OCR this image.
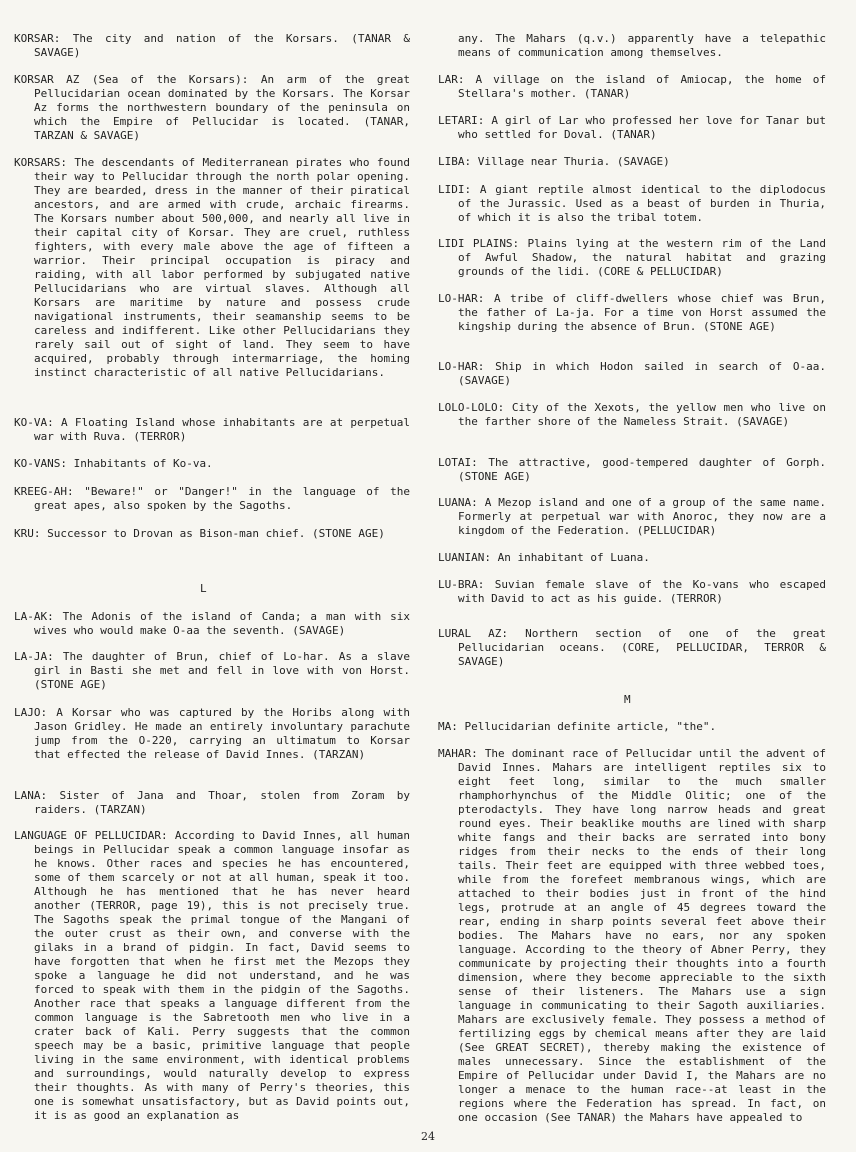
KORSAR: The city and nation of the Korsars. (TANAR & SAVAGE)

KORSAR AZ (Sea of the Korsars): An arm of the great Pellucidarian ocean dominated by the Korsars. The Korsar Az forms the northwestern boundary of the peninsula on which the Empire of Pellucidar is located. (TANAR, TARZAN & SAVAGE)

KORSARS: The descendants of Mediterranean pirates who found their way to Pellucidar through the north polar opening. They are bearded, dress in the manner of their piratical ancestors, and are armed with crude, archaic firearms. The Korsars number about 500,000, and nearly all live in their capital city of Korsar. They are cruel, ruthless fighters, with every male above the age of fifteen a warrior. Their principal occupation is piracy and raiding, with all labor performed by subjugated native Pellucidarians who are virtual slaves. Although all Korsars are maritime by nature and possess crude navigational instruments, their seamanship seems to be careless and indifferent. Like other Pellucidarians they rarely sail out of sight of land. They seem to have acquired, probably through intermarriage, the homing instinct characteristic of all native Pellucidarians.

KO-VA: A Floating Island whose inhabitants are at perpetual war with Ruva. (TERROR)

KO-VANS: Inhabitants of Ko-va.

KREEG-AH: "Beware!" or "Danger!" in the language of the great apes, also spoken by the Sagoths.

KRU: Successor to Drovan as Bison-man chief. (STONE AGE)

L

LA-AK: The Adonis of the island of Canda; a man with six wives who would make O-aa the seventh. (SAVAGE)

LA-JA: The daughter of Brun, chief of Lo-har. As a slave girl in Basti she met and fell in love with von Horst. (STONE AGE)

LAJO: A Korsar who was captured by the Horibs along with Jason Gridley. He made an entirely involuntary parachute jump from the O-220, carrying an ultimatum to Korsar that effected the release of David Innes. (TARZAN)

LANA: Sister of Jana and Thoar, stolen from Zoram by raiders. (TARZAN)

LANGUAGE OF PELLUCIDAR: According to David Innes, all human beings in Pellucidar speak a common language insofar as he knows. Other races and species he has encountered, some of them scarcely or not at all human, speak it too. Although he has mentioned that he has never heard another (TERROR, page 19), this is not precisely true. The Sagoths speak the primal tongue of the Mangani of the outer crust as their own, and converse with the gilaks in a brand of pidgin. In fact, David seems to have forgotten that when he first met the Mezops they spoke a language he did not understand, and he was forced to speak with them in the pidgin of the Sagoths. Another race that speaks a language different from the common language is the Sabretooth men who live in a crater back of Kali. Perry suggests that the common speech may be a basic, primitive language that people living in the same environment, with identical problems and surroundings, would naturally develop to express their thoughts. As with many of Perry's theories, this one is somewhat unsatisfactory, but as David points out, it is as good an explanation as

any. The Mahars (q.v.) apparently have a telepathic means of communication among themselves.

LAR: A village on the island of Amiocap, the home of Stellara's mother. (TANAR)

LETARI: A girl of Lar who professed her love for Tanar but who settled for Doval. (TANAR)

LIBA: Village near Thuria. (SAVAGE)

LIDI: A giant reptile almost identical to the diplodocus of the Jurassic. Used as a beast of burden in Thuria, of which it is also the tribal totem.

LIDI PLAINS: Plains lying at the western rim of the Land of Awful Shadow, the natural habitat and grazing grounds of the lidi. (CORE & PELLUCIDAR)

LO-HAR: A tribe of cliff-dwellers whose chief was Brun, the father of La-ja. For a time von Horst assumed the kingship during the absence of Brun. (STONE AGE)

LO-HAR: Ship in which Hodon sailed in search of O-aa. (SAVAGE)

LOLO-LOLO: City of the Xexots, the yellow men who live on the farther shore of the Nameless Strait. (SAVAGE)

LOTAI: The attractive, good-tempered daughter of Gorph. (STONE AGE)

LUANA: A Mezop island and one of a group of the same name. Formerly at perpetual war with Anoroc, they now are a kingdom of the Federation. (PELLUCIDAR)

LUANIAN: An inhabitant of Luana.

LU-BRA: Suvian female slave of the Ko-vans who escaped with David to act as his guide. (TERROR)

LURAL AZ: Northern section of one of the great Pellucidarian oceans. (CORE, PELLUCIDAR, TERROR & SAVAGE)

M

MA: Pellucidarian definite article, "the".

MAHAR: The dominant race of Pellucidar until the advent of David Innes. Mahars are intelligent reptiles six to eight feet long, similar to the much smaller rhamphorhynchus of the Middle Olitic; one of the pterodactyls. They have long narrow heads and great round eyes. Their beaklike mouths are lined with sharp white fangs and their backs are serrated into bony ridges from their necks to the ends of their long tails. Their feet are equipped with three webbed toes, while from the forefeet membranous wings, which are attached to their bodies just in front of the hind legs, protrude at an angle of 45 degrees toward the rear, ending in sharp points several feet above their bodies. The Mahars have no ears, nor any spoken language. According to the theory of Abner Perry, they communicate by projecting their thoughts into a fourth dimension, where they become appreciable to the sixth sense of their listeners. The Mahars use a sign language in communicating to their Sagoth auxiliaries. Mahars are exclusively female. They possess a method of fertilizing eggs by chemical means after they are laid (See GREAT SECRET), thereby making the existence of males unnecessary. Since the establishment of the Empire of Pellucidar under David I, the Mahars are no longer a menace to the human race--at least in the regions where the Federation has spread. In fact, on one occasion (See TANAR) the Mahars have appealed to

24
